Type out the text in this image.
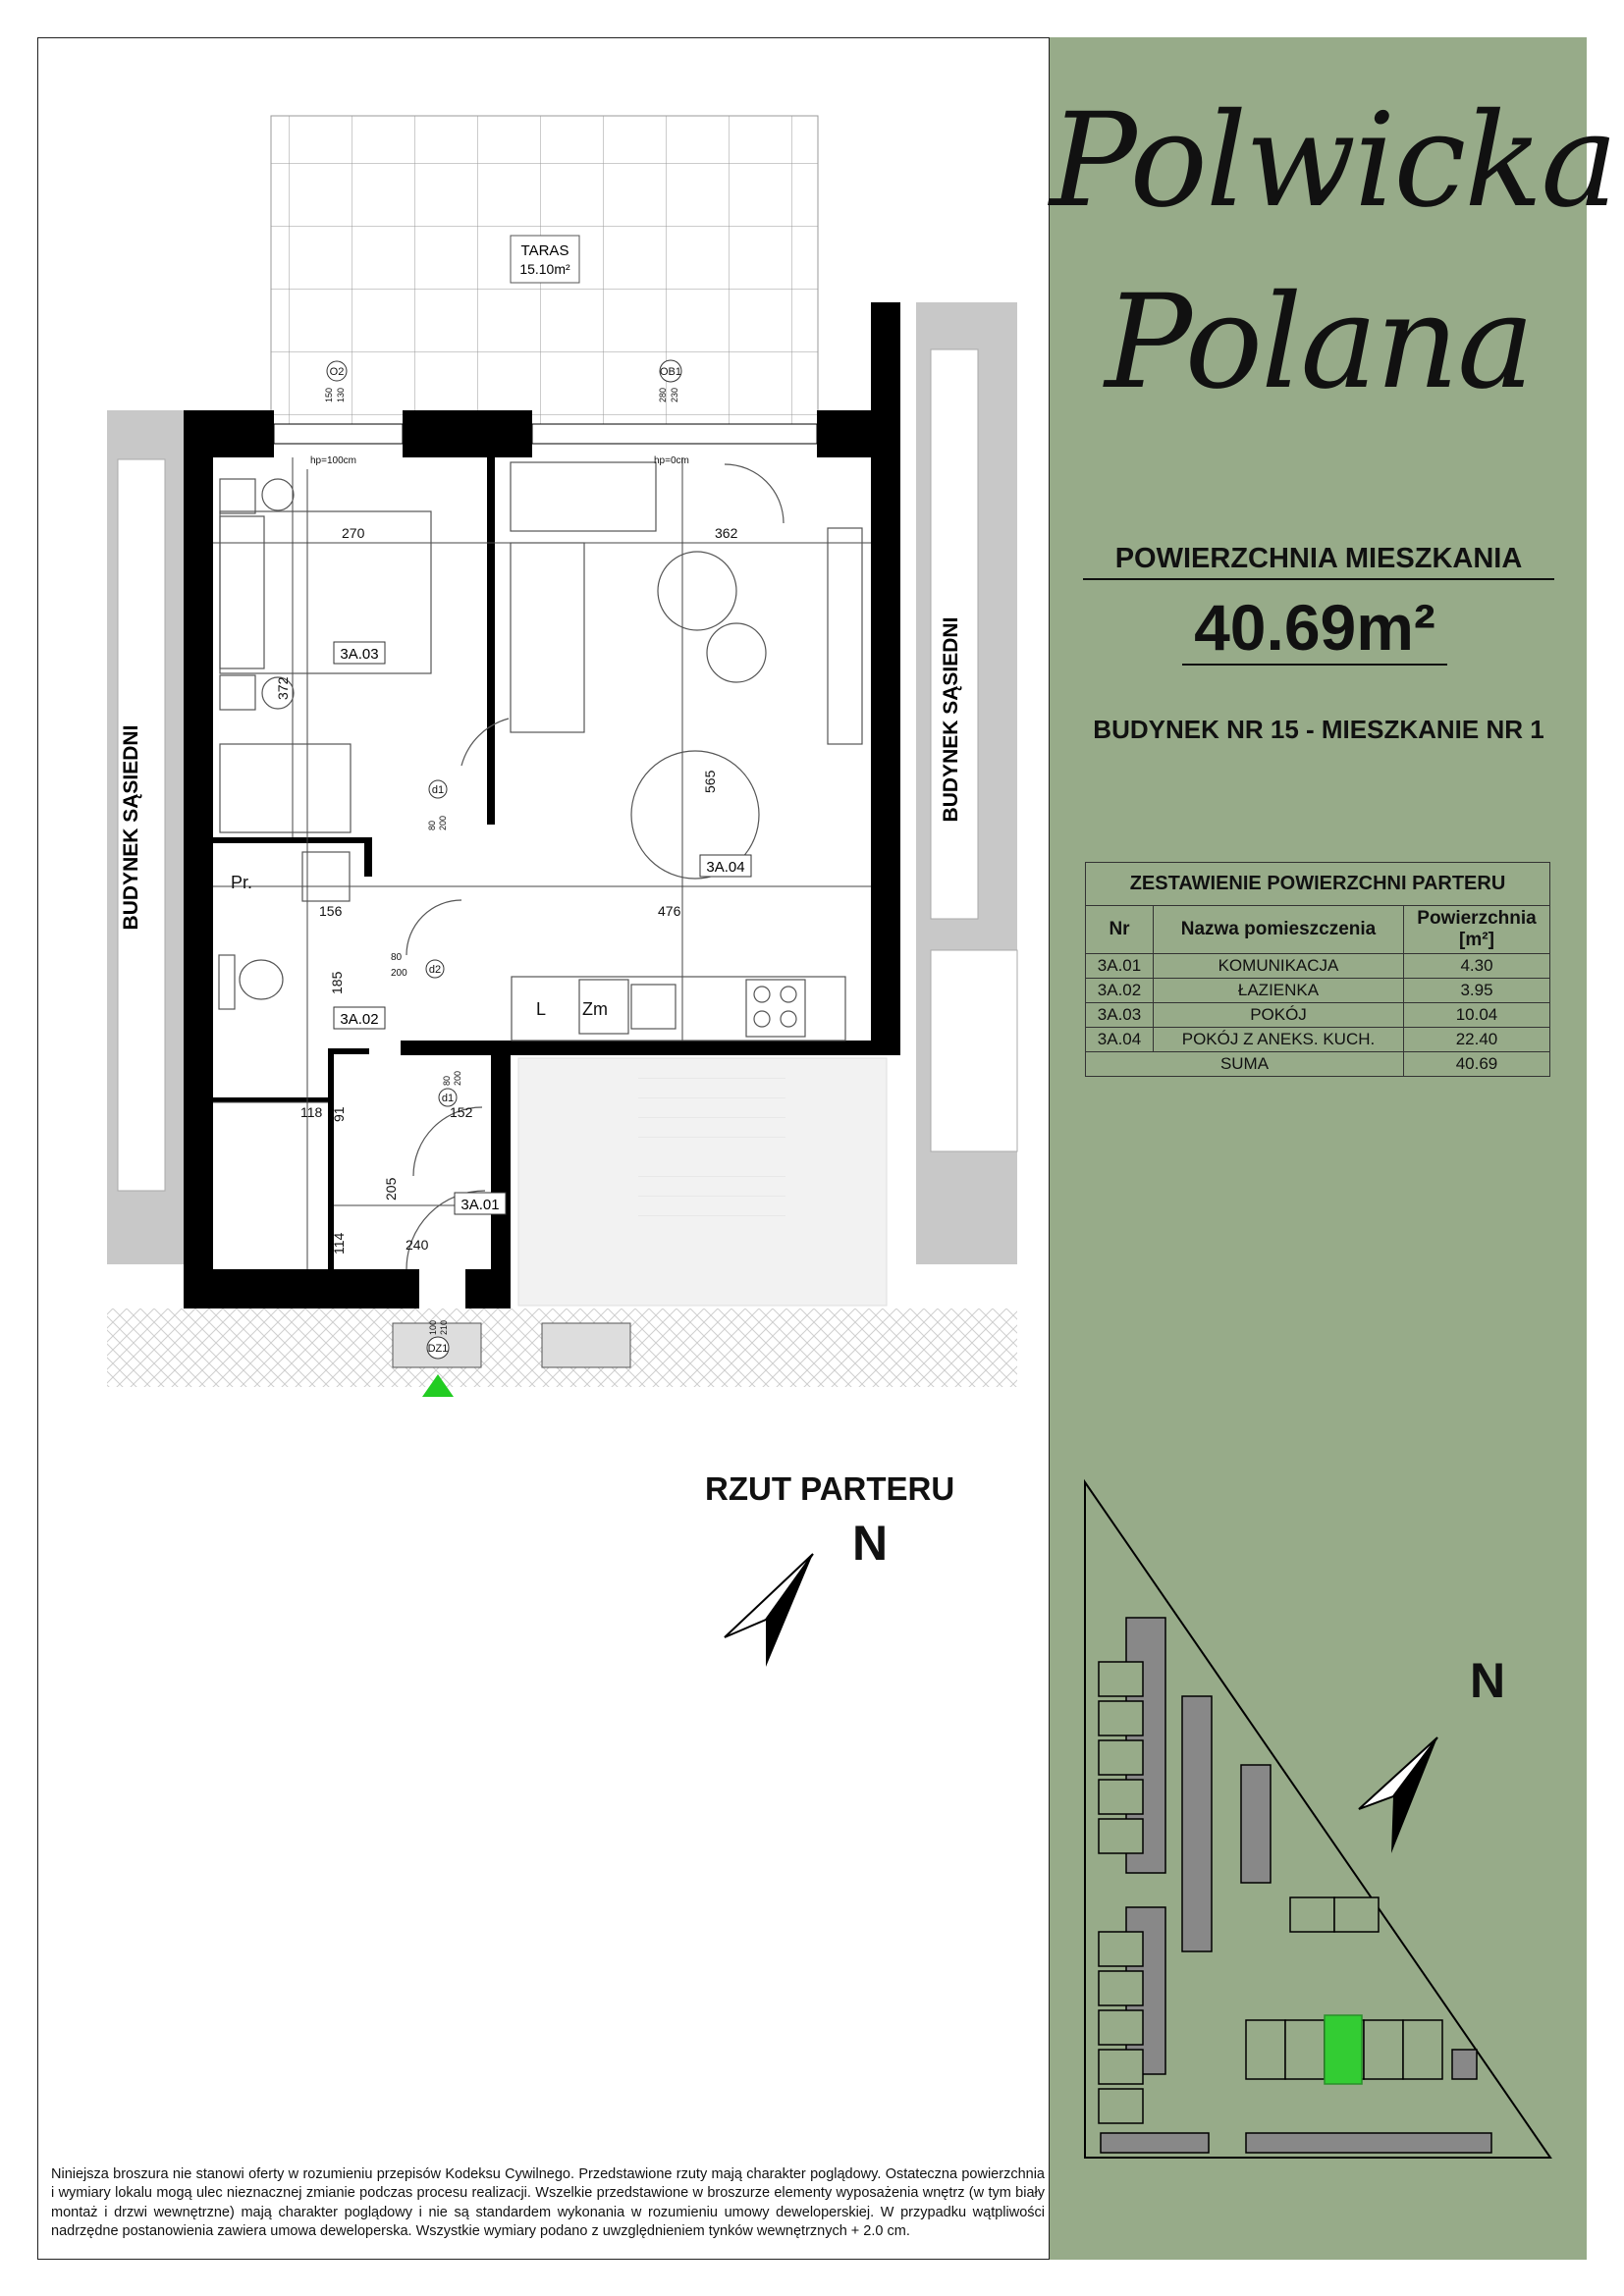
TARAS
15.10m²
BUDYNEK SĄSIEDNI
BUDYNEK SĄSIEDNI
270	362
372
565
476
156
185
118 91	152
205
240
114
3A.03
3A.04
3A.02
3A.01
O2
150 130
OB1
280 230
hp=100cm	hp=0cm
d1
80 200
d2
80
200
d1
80 200
DZ1
100 210
Pr.
L Zm
RZUT PARTERU
N
Niniejsza broszura nie stanowi oferty w rozumieniu przepisów Kodeksu Cywilnego. Przedstawione rzuty mają charakter poglądowy. Ostateczna powierzchnia i wymiary lokalu mogą ulec nieznacznej zmianie podczas procesu realizacji. Wszelkie przedstawione w broszurze elementy wyposażenia wnętrz (w tym biały montaż i drzwi wewnętrzne) mają charakter poglądowy i nie są standardem wykonania w rozumieniu umowy deweloperskiej. W przypadku wątpliwości nadrzędne postanowienia zawiera umowa deweloperska. Wszystkie wymiary podano z uwzględnieniem tynków wewnętrznych + 2.0 cm.
Polwicka
Polana
POWIERZCHNIA MIESZKANIA
40.69m²
BUDYNEK NR 15 - MIESZKANIE NR 1
ZESTAWIENIE POWIERZCHNI PARTERU		
Nr	Nazwa pomieszczenia	Powierzchnia [m²]
3A.01	KOMUNIKACJA	4.30
3A.02	ŁAZIENKA	3.95
3A.03	POKÓJ	10.04
3A.04	POKÓJ Z ANEKS. KUCH.	22.40
SUMA		40.69
N
